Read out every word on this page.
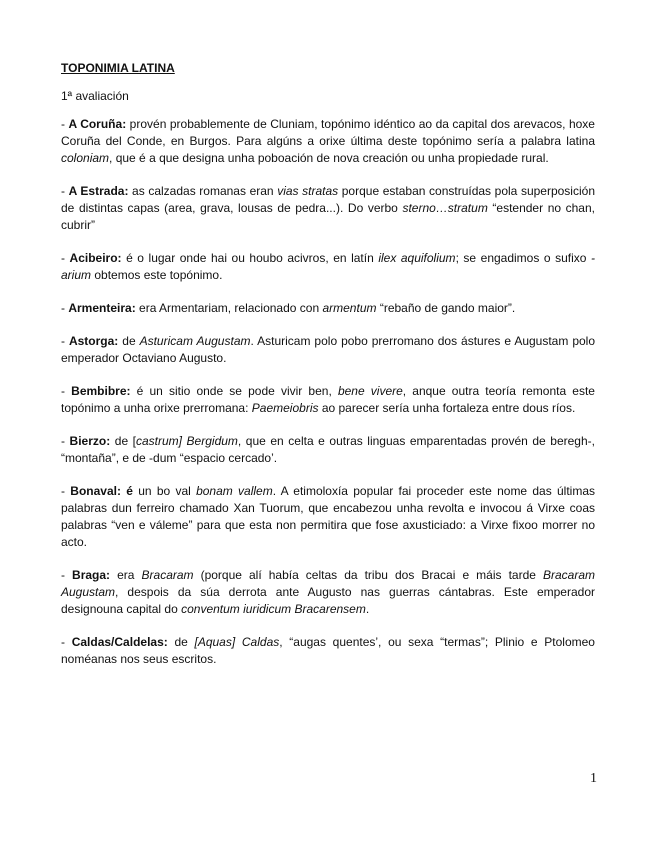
TOPONIMIA LATINA
1ª avaliación
- A Coruña: provén probablemente de Cluniam, topónimo idéntico ao da capital dos arevacos, hoxe Coruña del Conde, en Burgos. Para algúns a orixe última deste topónimo sería a palabra latina coloniam, que é a que designa unha poboación de nova creación ou unha propiedade rural.
- A Estrada: as calzadas romanas eran vias stratas porque estaban construídas pola superposición de distintas capas (area, grava, lousas de pedra...). Do verbo sterno…stratum “estender no chan, cubrir”
- Acibeiro: é o lugar onde hai ou houbo acivros, en latín ilex aquifolium; se engadimos o sufixo -arium obtemos este topónimo.
- Armenteira: era Armentariam, relacionado con armentum “rebaño de gando maior”.
- Astorga: de Asturicam Augustam. Asturicam polo pobo prerromano dos ástures e Augustam polo emperador Octaviano Augusto.
- Bembibre: é un sitio onde se pode vivir ben, bene vivere, anque outra teoría remonta este topónimo a unha orixe prerromana: Paemeiobris ao parecer sería unha fortaleza entre dous ríos.
- Bierzo: de [castrum] Bergidum, que en celta e outras linguas emparentadas provén de beregh-, “montaña”, e de -dum “espacio cercado’.
- Bonaval: é un bo val bonam vallem. A etimoloxía popular fai proceder este nome das últimas palabras dun ferreiro chamado Xan Tuorum, que encabezou unha revolta e invocou á Virxe coas palabras “ven e váleme” para que esta non permitira que fose axusticiado: a Virxe fixoo morrer no acto.
- Braga: era Bracaram (porque alí había celtas da tribu dos Bracai e máis tarde Bracaram Augustam, despois da súa derrota ante Augusto nas guerras cántabras. Este emperador designouna capital do conventum iuridicum Bracarensem.
- Caldas/Caldelas: de [Aquas] Caldas, “augas quentes’, ou sexa “termas”; Plinio e Ptolomeo noméanas nos seus escritos.
1
